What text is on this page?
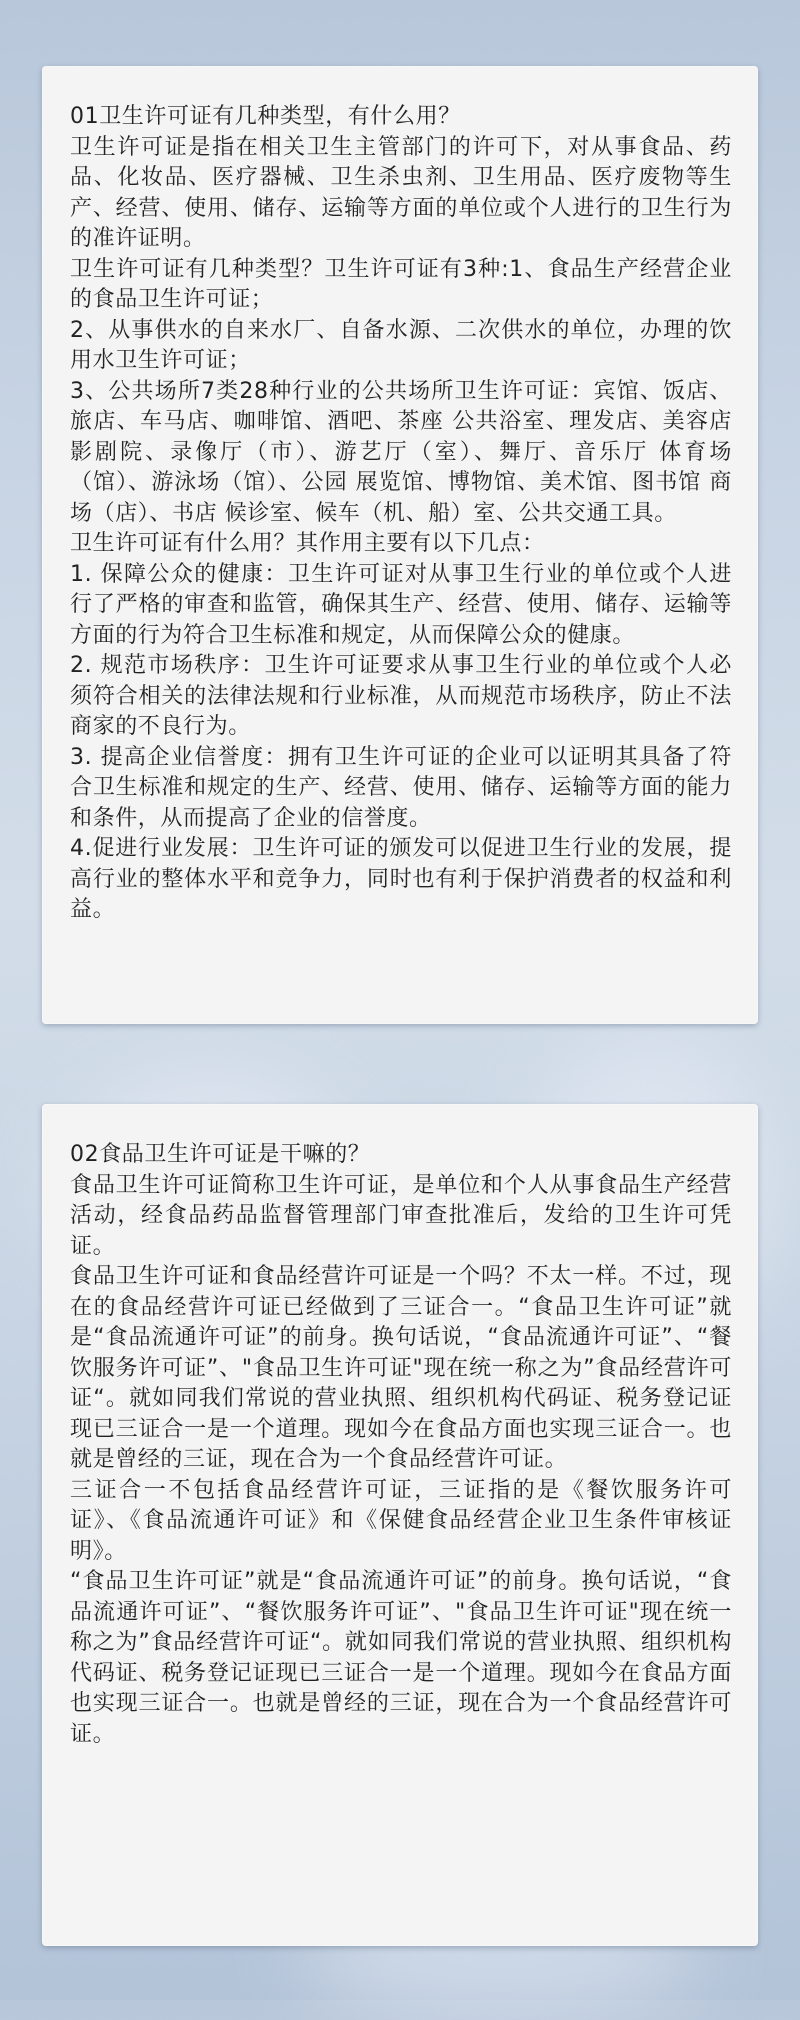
01卫生许可证有几种类型，有什么用？

卫生许可证是指在相关卫生主管部门的许可下，对从事食品、药品、化妆品、医疗器械、卫生杀虫剂、卫生用品、医疗废物等生产、经营、使用、储存、运输等方面的单位或个人进行的卫生行为的准许证明。

卫生许可证有几种类型？卫生许可证有3种:1、食品生产经营企业的食品卫生许可证；

2、从事供水的自来水厂、自备水源、二次供水的单位，办理的饮用水卫生许可证；

3、公共场所7类28种行业的公共场所卫生许可证：宾馆、饭店、旅店、车马店、咖啡馆、酒吧、茶座 公共浴室、理发店、美容店 影剧院、录像厅（市）、游艺厅（室）、舞厅、音乐厅 体育场（馆）、游泳场（馆）、公园 展览馆、博物馆、美术馆、图书馆 商场（店）、书店 候诊室、候车（机、船）室、公共交通工具。

卫生许可证有什么用？其作用主要有以下几点：

1. 保障公众的健康：卫生许可证对从事卫生行业的单位或个人进行了严格的审查和监管，确保其生产、经营、使用、储存、运输等方面的行为符合卫生标准和规定，从而保障公众的健康。

2. 规范市场秩序：卫生许可证要求从事卫生行业的单位或个人必须符合相关的法律法规和行业标准，从而规范市场秩序，防止不法商家的不良行为。

3. 提高企业信誉度：拥有卫生许可证的企业可以证明其具备了符合卫生标准和规定的生产、经营、使用、储存、运输等方面的能力和条件，从而提高了企业的信誉度。

4.促进行业发展：卫生许可证的颁发可以促进卫生行业的发展，提高行业的整体水平和竞争力，同时也有利于保护消费者的权益和利益。

02食品卫生许可证是干嘛的？

食品卫生许可证简称卫生许可证，是单位和个人从事食品生产经营活动，经食品药品监督管理部门审查批准后，发给的卫生许可凭证。

食品卫生许可证和食品经营许可证是一个吗？不太一样。不过，现在的食品经营许可证已经做到了三证合一。“食品卫生许可证”就是“食品流通许可证”的前身。换句话说，“食品流通许可证”、“餐饮服务许可证”、"食品卫生许可证"现在统一称之为”食品经营许可证“。就如同我们常说的营业执照、组织机构代码证、税务登记证现已三证合一是一个道理。现如今在食品方面也实现三证合一。也就是曾经的三证，现在合为一个食品经营许可证。

三证合一不包括食品经营许可证，三证指的是《餐饮服务许可证》、《食品流通许可证》和《保健食品经营企业卫生条件审核证明》。

“食品卫生许可证”就是“食品流通许可证”的前身。换句话说，“食品流通许可证”、“餐饮服务许可证”、"食品卫生许可证"现在统一称之为”食品经营许可证“。就如同我们常说的营业执照、组织机构代码证、税务登记证现已三证合一是一个道理。现如今在食品方面也实现三证合一。也就是曾经的三证，现在合为一个食品经营许可证。
